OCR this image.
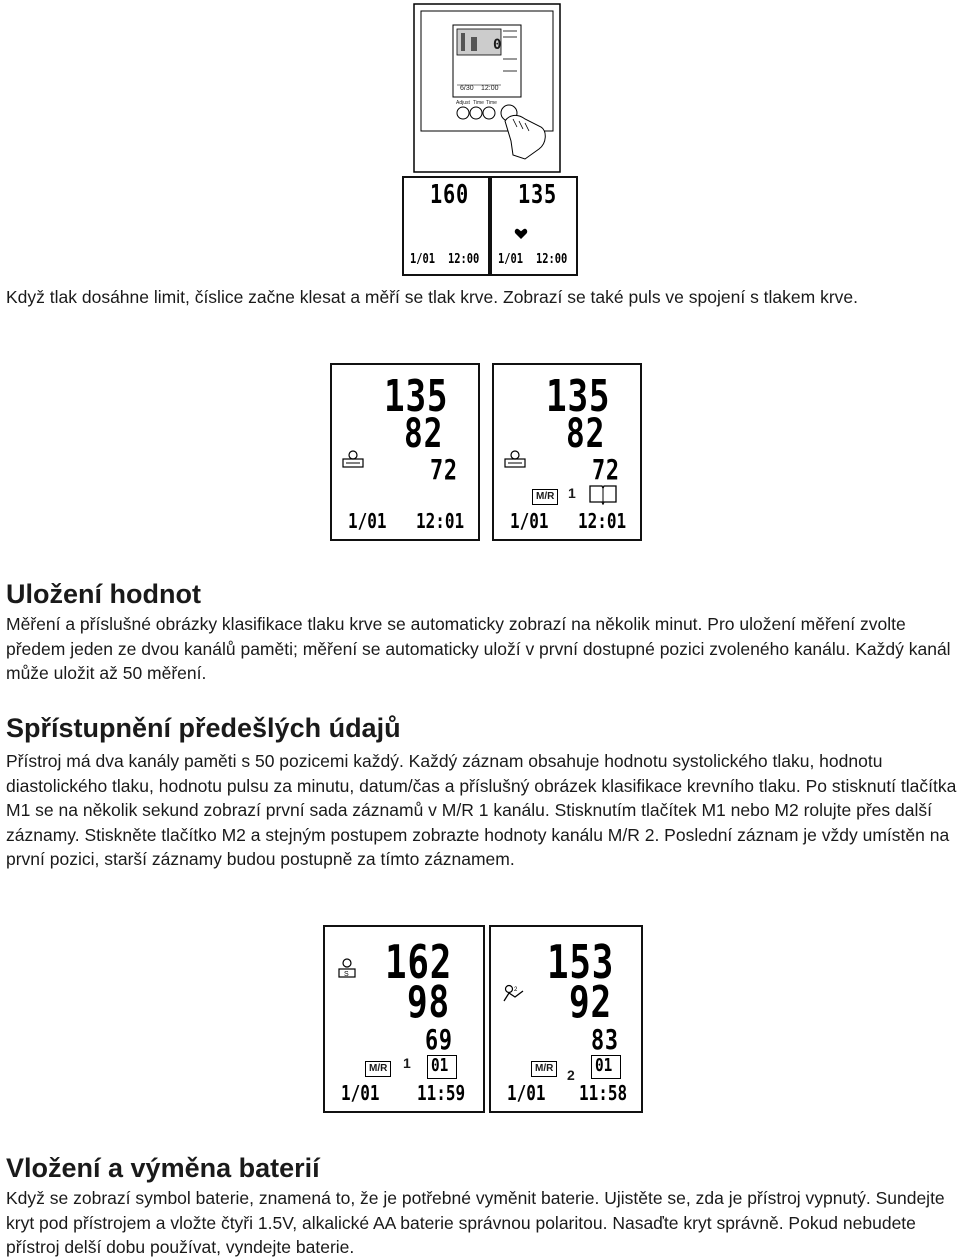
0
6/30 12:00
Adjust Time Time
160
1/01 12:00
135
1/01 12:00

Když tlak dosáhne limit, číslice začne klesat a měří se tlak krve. Zobrazí se také puls ve spojení s tlakem krve.

135
82
72
1/01 12:01
135
82
72
M/R 1
1/01 12:01
Uložení hodnot

Měření a příslušné obrázky klasifikace tlaku krve se automaticky zobrazí na několik minut. Pro uložení měření zvolte předem jeden ze dvou kanálů paměti; měření se automaticky uloží v první dostupné pozici zvoleného kanálu. Každý kanál může uložit až 50 měření.

Spřístupnění předešlých údajů

Přístroj má dva kanály paměti s 50 pozicemi každý. Každý záznam obsahuje hodnotu systolického tlaku, hodnotu diastolického tlaku, hodnotu pulsu za minutu, datum/čas a příslušný obrázek klasifikace krevního tlaku. Po stisknutí tlačítka M1 se na několik sekund zobrazí první sada záznamů v M/R 1 kanálu. Stisknutím tlačítek M1 nebo M2 rolujte přes další záznamy. Stiskněte tlačítko M2 a stejným postupem zobrazte hodnoty kanálu M/R 2. Poslední záznam je vždy umístěn na první pozici, starší záznamy budou postupně za tímto záznamem.

S 162
98
69
M/R 1 01
1/01 11:59
2
153
92
83
M/R 2 01
1/01 11:58
Vložení a výměna baterií

Když se zobrazí symbol baterie, znamená to, že je potřebné vyměnit baterie. Ujistěte se, zda je přístroj vypnutý. Sundejte kryt pod přístrojem a vložte čtyři 1.5V, alkalické AA baterie správnou polaritou. Nasaďte kryt správně. Pokud nebudete přístroj delší dobu používat, vyndejte baterie.
